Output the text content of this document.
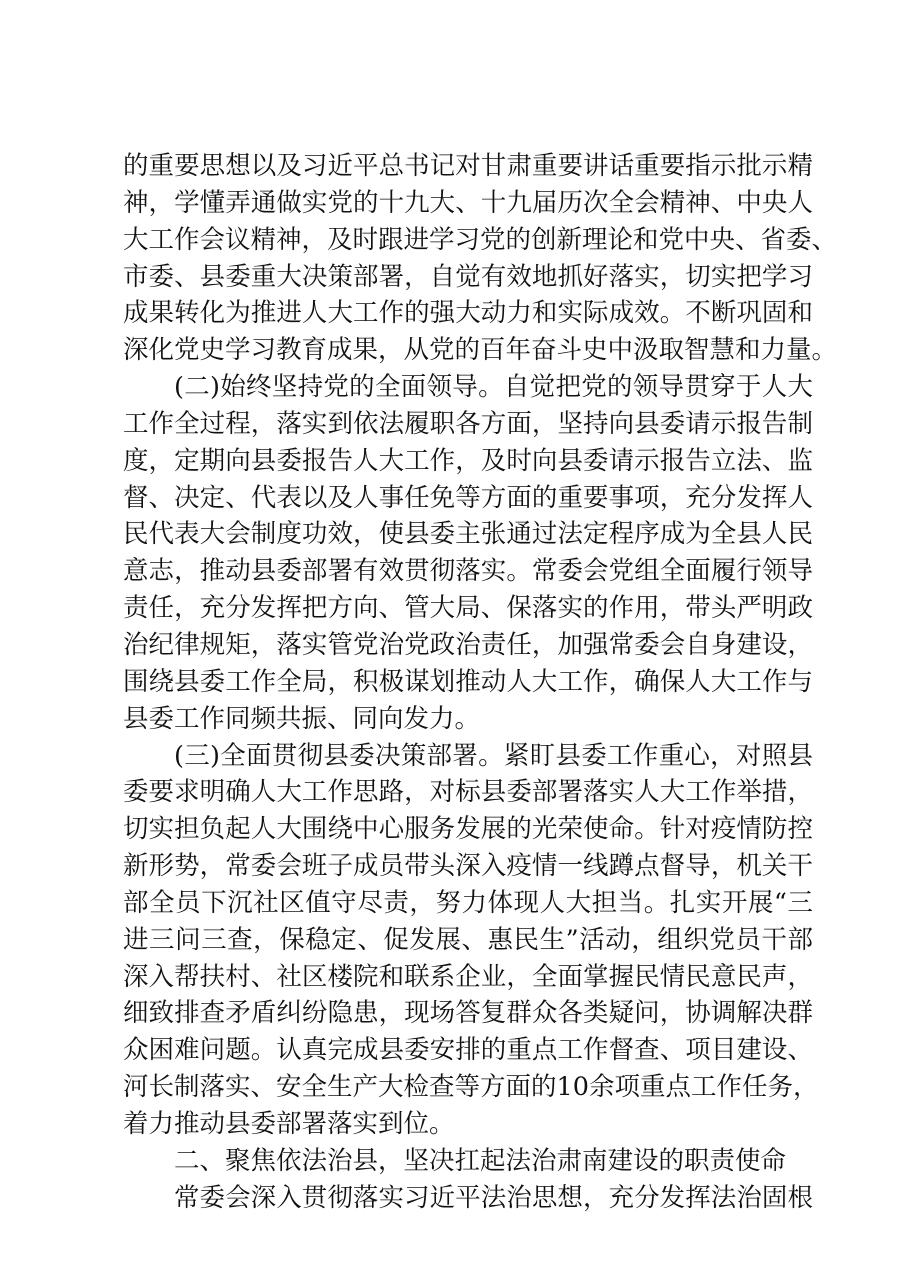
的重要思想以及习近平总书记对甘肃重要讲话重要指示批示精
神，学懂弄通做实党的十九大、十九届历次全会精神、中央人
大工作会议精神，及时跟进学习党的创新理论和党中央、省委、
市委、县委重大决策部署，自觉有效地抓好落实，切实把学习
成果转化为推进人大工作的强大动力和实际成效。不断巩固和
深化党史学习教育成果，从党的百年奋斗史中汲取智慧和力量。
(二)始终坚持党的全面领导。自觉把党的领导贯穿于人大
工作全过程，落实到依法履职各方面，坚持向县委请示报告制
度，定期向县委报告人大工作，及时向县委请示报告立法、监
督、决定、代表以及人事任免等方面的重要事项，充分发挥人
民代表大会制度功效，使县委主张通过法定程序成为全县人民
意志，推动县委部署有效贯彻落实。常委会党组全面履行领导
责任，充分发挥把方向、管大局、保落实的作用，带头严明政
治纪律规矩，落实管党治党政治责任，加强常委会自身建设，
围绕县委工作全局，积极谋划推动人大工作，确保人大工作与
县委工作同频共振、同向发力。
(三)全面贯彻县委决策部署。紧盯县委工作重心，对照县
委要求明确人大工作思路，对标县委部署落实人大工作举措，
切实担负起人大围绕中心服务发展的光荣使命。针对疫情防控
新形势，常委会班子成员带头深入疫情一线蹲点督导，机关干
部全员下沉社区值守尽责，努力体现人大担当。扎实开展“三
进三问三查，保稳定、促发展、惠民生”活动，组织党员干部
深入帮扶村、社区楼院和联系企业，全面掌握民情民意民声，
细致排查矛盾纠纷隐患，现场答复群众各类疑问，协调解决群
众困难问题。认真完成县委安排的重点工作督查、项目建设、
河长制落实、安全生产大检查等方面的10余项重点工作任务，
着力推动县委部署落实到位。
二、聚焦依法治县，坚决扛起法治肃南建设的职责使命
常委会深入贯彻落实习近平法治思想，充分发挥法治固根
